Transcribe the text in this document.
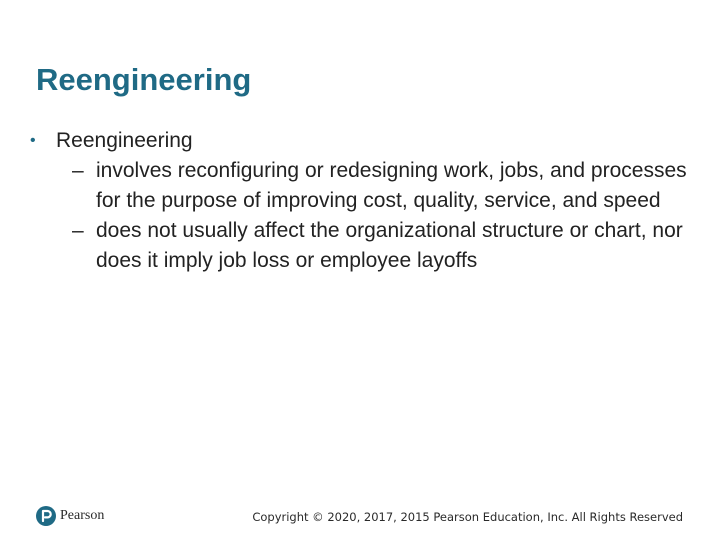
Reengineering
• Reengineering
– involves reconfiguring or redesigning work, jobs, and processes for the purpose of improving cost, quality, service, and speed
– does not usually affect the organizational structure or chart, nor does it imply job loss or employee layoffs
Pearson	Copyright © 2020, 2017, 2015 Pearson Education, Inc. All Rights Reserved
